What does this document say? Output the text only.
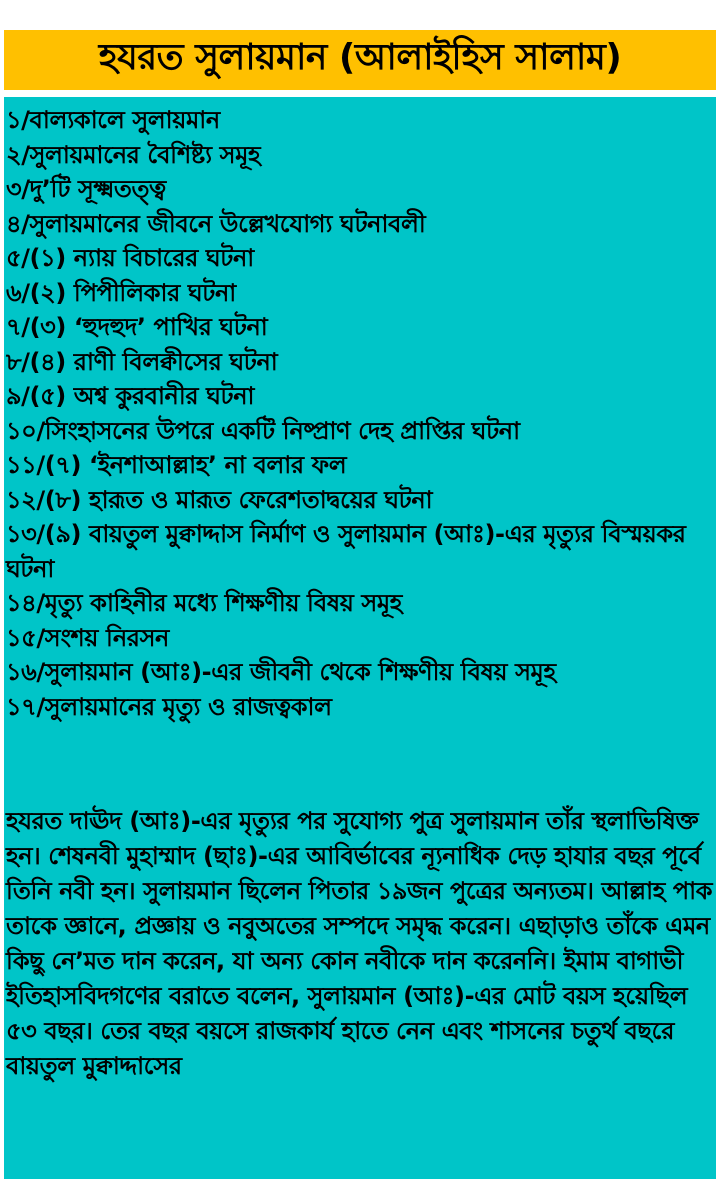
হযরত সুলায়মান (আলাইহিস সালাম)
১/বাল্যকালে সুলায়মান
২/সুলায়মানের বৈশিষ্ট্য সমূহ
৩/দু’টি সূক্ষ্মতত্ত্ব
৪/সুলায়মানের জীবনে উল্লেখযোগ্য ঘটনাবলী
৫/(১) ন্যায় বিচারের ঘটনা
৬/(২) পিপীলিকার ঘটনা
৭/(৩) ‘হুদহুদ’ পাখির ঘটনা
৮/(৪) রাণী বিলক্বীসের ঘটনা
৯/(৫) অশ্ব কুরবানীর ঘটনা
১০/সিংহাসনের উপরে একটি নিষ্প্রাণ দেহ প্রাপ্তির ঘটনা
১১/(৭) ‘ইনশাআল্লাহ’ না বলার ফল
১২/(৮) হারূত ও মারূত ফেরেশতাদ্বয়ের ঘটনা
১৩/(৯) বায়তুল মুক্বাদ্দাস নির্মাণ ও সুলায়মান (আঃ)-এর মৃত্যুর বিস্ময়কর ঘটনা
১৪/মৃত্যু কাহিনীর মধ্যে শিক্ষণীয় বিষয় সমূহ
১৫/সংশয় নিরসন
১৬/সুলায়মান (আঃ)-এর জীবনী থেকে শিক্ষণীয় বিষয় সমূহ
১৭/সুলায়মানের মৃত্যু ও রাজত্বকাল

হযরত দাঊদ (আঃ)-এর মৃত্যুর পর সুযোগ্য পুত্র সুলায়মান তাঁর স্থলাভিষিক্ত হন। শেষনবী মুহাম্মাদ (ছাঃ)-এর আবির্ভাবের ন্যূনাধিক দেড় হাযার বছর পূর্বে তিনি নবী হন। সুলায়মান ছিলেন পিতার ১৯জন পুত্রের অন্যতম। আল্লাহ পাক তাকে জ্ঞানে, প্রজ্ঞায় ও নবুঅতের সম্পদে সমৃদ্ধ করেন। এছাড়াও তাঁকে এমন কিছু নে’মত দান করেন, যা অন্য কোন নবীকে দান করেননি। ইমাম বাগাভী ইতিহাসবিদগণের বরাতে বলেন, সুলায়মান (আঃ)-এর মোট বয়স হয়েছিল ৫৩ বছর। তের বছর বয়সে রাজকার্য হাতে নেন এবং শাসনের চতুর্থ বছরে বায়তুল মুক্বাদ্দাসের
